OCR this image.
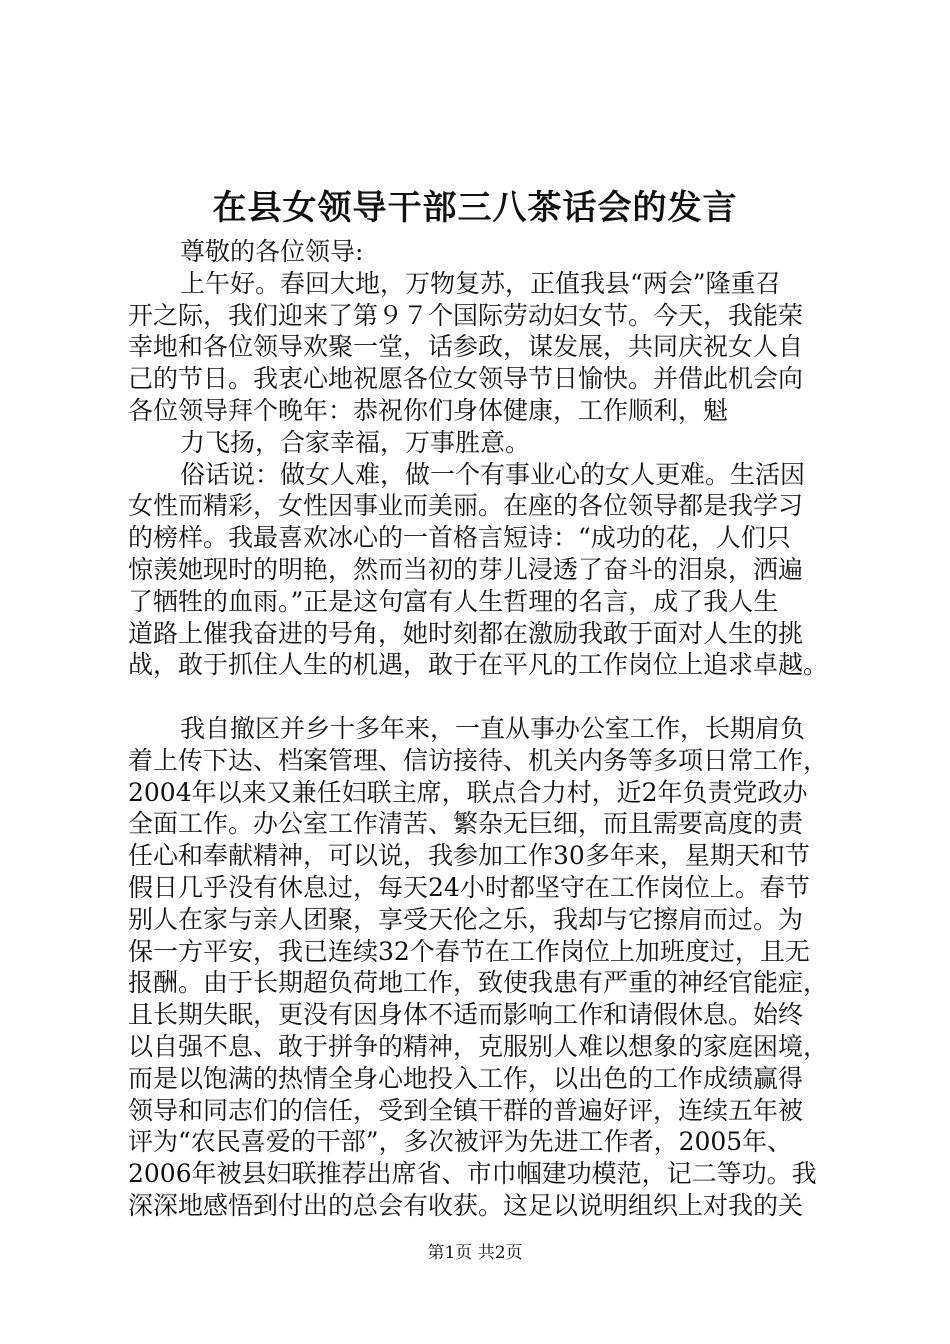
在县女领导干部三八茶话会的发言
尊敬的各位领导:
上午好。春回大地，万物复苏，正值我县“两会”隆重召
开之际，我们迎来了第９７个国际劳动妇女节。今天，我能荣
幸地和各位领导欢聚一堂，话参政，谋发展，共同庆祝女人自
己的节日。我衷心地祝愿各位女领导节日愉快。并借此机会向
各位领导拜个晚年：恭祝你们身体健康，工作顺利，魁
力飞扬，合家幸福，万事胜意。
俗话说：做女人难，做一个有事业心的女人更难。生活因
女性而精彩，女性因事业而美丽。在座的各位领导都是我学习
的榜样。我最喜欢冰心的一首格言短诗：“成功的花，人们只
惊羡她现时的明艳，然而当初的芽儿浸透了奋斗的泪泉，洒遍
了牺牲的血雨。”正是这句富有人生哲理的名言，成了我人生
道路上催我奋进的号角，她时刻都在激励我敢于面对人生的挑
战，敢于抓住人生的机遇，敢于在平凡的工作岗位上追求卓越。
我自撤区并乡十多年来，一直从事办公室工作，长期肩负
着上传下达、档案管理、信访接待、机关内务等多项日常工作，
2004年以来又兼任妇联主席，联点合力村，近2年负责党政办
全面工作。办公室工作清苦、繁杂无巨细，而且需要高度的责
任心和奉献精神，可以说，我参加工作30多年来，星期天和节
假日几乎没有休息过，每天24小时都坚守在工作岗位上。春节
别人在家与亲人团聚，享受天伦之乐，我却与它擦肩而过。为
保一方平安，我已连续32个春节在工作岗位上加班度过，且无
报酬。由于长期超负荷地工作，致使我患有严重的神经官能症，
且长期失眠，更没有因身体不适而影响工作和请假休息。始终
以自强不息、敢于拼争的精神，克服别人难以想象的家庭困境，
而是以饱满的热情全身心地投入工作，以出色的工作成绩赢得
领导和同志们的信任，受到全镇干群的普遍好评，连续五年被
评为“农民喜爱的干部”，多次被评为先进工作者，2005年、
2006年被县妇联推荐出席省、市巾帼建功模范，记二等功。我
深深地感悟到付出的总会有收获。这足以说明组织上对我的关
第1页 共2页
